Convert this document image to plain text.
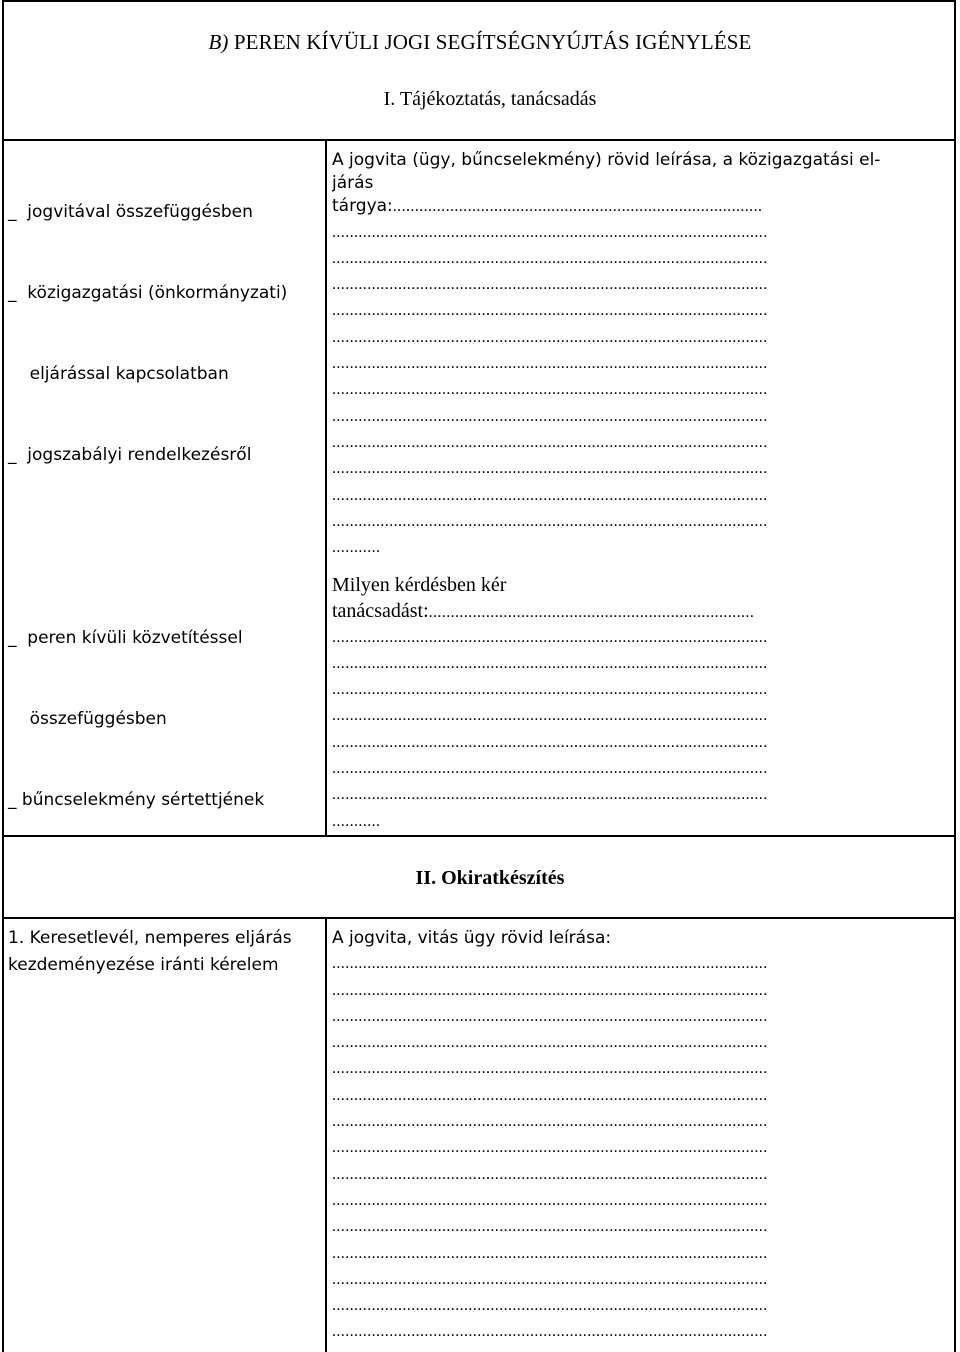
B) PEREN KÍVÜLI JOGI SEGÍTSÉGNYÚJTÁS IGÉNYLÉSE
I. Tájékoztatás, tanácsadás

_  jogvitával összefüggésben

_  közigazgatási (önkormányzati)

eljárással kapcsolatban

_  jogszabályi rendelkezésről

_  peren kívüli közvetítéssel

összefüggésben

_ bűncselekmény sértettjének

A jogvita (ügy, bűncselekmény) rövid leírása, a közigazgatási el-
járás
tárgya:....................................................................................
...................................................................................................
...................................................................................................
...................................................................................................
...................................................................................................
...................................................................................................
...................................................................................................
...................................................................................................
...................................................................................................
...................................................................................................
...................................................................................................
...................................................................................................
...................................................................................................
...........
Milyen kérdésben kér
tanácsadást:..........................................................................
...................................................................................................
...................................................................................................
...................................................................................................
...................................................................................................
...................................................................................................
...................................................................................................
...................................................................................................
...........
II. Okiratkészítés
1. Keresetlevél, nemperes eljárás
kezdeményezése iránti kérelem
A jogvita, vitás ügy rövid leírása:
...................................................................................................
...................................................................................................
...................................................................................................
...................................................................................................
...................................................................................................
...................................................................................................
...................................................................................................
...................................................................................................
...................................................................................................
...................................................................................................
...................................................................................................
...................................................................................................
...................................................................................................
...................................................................................................
...................................................................................................
